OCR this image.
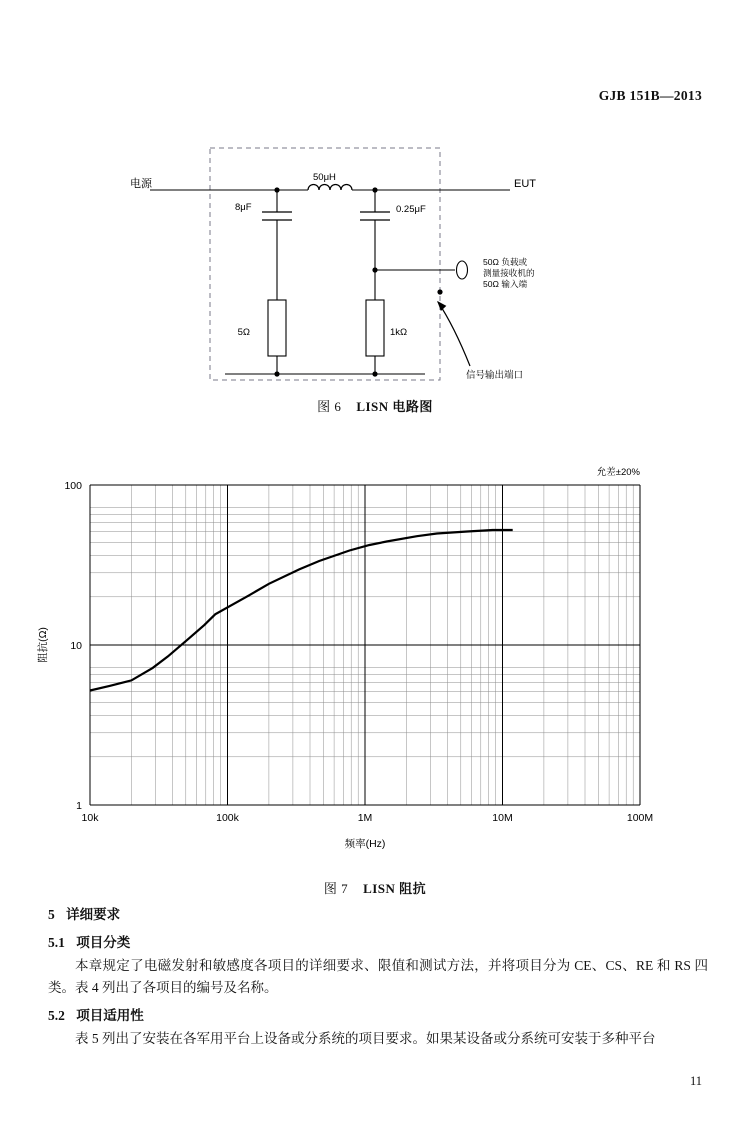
GJB 151B—2013
50μH
电源	EUT
8μF
5Ω
0.25μF
1kΩ
50Ω 负载或
测量接收机的
50Ω 输入端
信号输出端口
图 6 LISN 电路图
允差±20%
10k	100k	1M	10M	100M
100
10
1
频率(Hz)
阻抗(Ω)
图 7 LISN 阻抗
5 详细要求
5.1 项目分类
本章规定了电磁发射和敏感度各项目的详细要求、限值和测试方法，并将项目分为 CE、CS、RE 和 RS 四类。表 4 列出了各项目的编号及名称。
5.2 项目适用性
表 5 列出了安装在各军用平台上设备或分系统的项目要求。如果某设备或分系统可安装于多种平台
11
